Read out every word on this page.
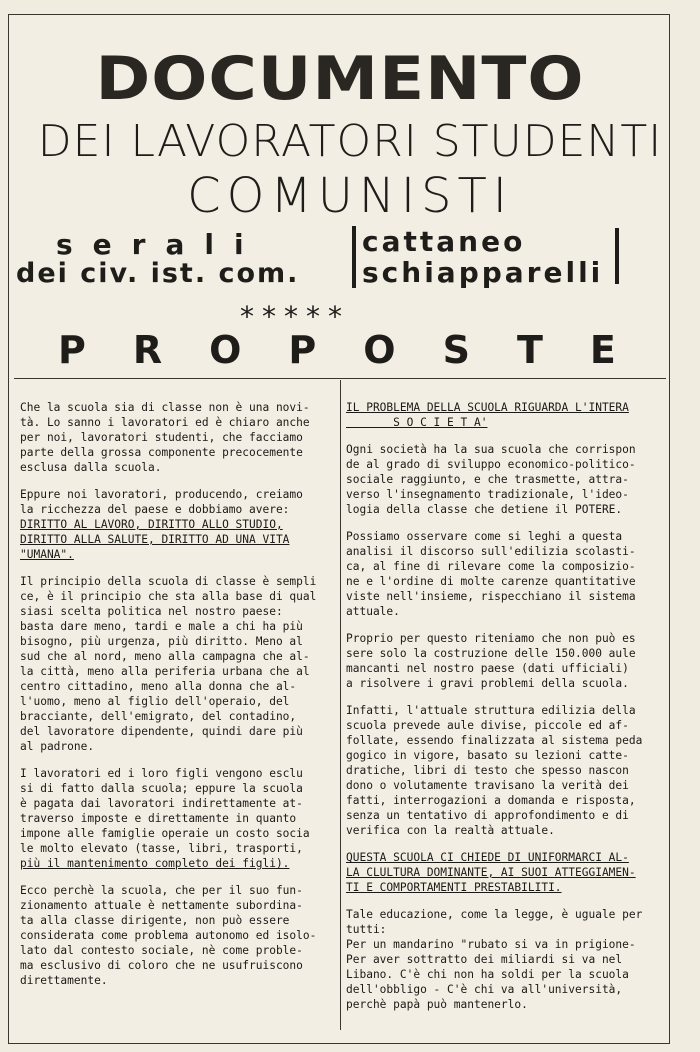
DOCUMENTO
DEI LAVORATORI STUDENTI
COMUNISTI
serali
dei civ. ist. com.
cattaneo
schiapparelli
*****
PROPOSTE

Che la scuola sia di classe non è una novi-
tà. Lo sanno i lavoratori ed è chiaro anche
per noi, lavoratori studenti, che facciamo
parte della grossa componente precocemente
esclusa dalla scuola.

Eppure noi lavoratori, producendo, creiamo
la ricchezza del paese e dobbiamo avere:
DIRITTO AL LAVORO, DIRITTO ALLO STUDIO,
DIRITTO ALLA SALUTE, DIRITTO AD UNA VITA
"UMANA".

Il principio della scuola di classe è sempli
ce, è il principio che sta alla base di qual
siasi scelta politica nel nostro paese:
basta dare meno, tardi e male a chi ha più
bisogno, più urgenza, più diritto. Meno al
sud che al nord, meno alla campagna che al-
la città, meno alla periferia urbana che al
centro cittadino, meno alla donna che al-
l'uomo, meno al figlio dell'operaio, del
bracciante, dell'emigrato, del contadino,
del lavoratore dipendente, quindi dare più
al padrone.

I lavoratori ed i loro figli vengono esclu
si di fatto dalla scuola; eppure la scuola
è pagata dai lavoratori indirettamente at-
traverso imposte e direttamente in quanto
impone alle famiglie operaie un costo socia
le molto elevato (tasse, libri, trasporti,
più il mantenimento completo dei figli).

Ecco perchè la scuola, che per il suo fun-
zionamento attuale è nettamente subordina-
ta alla classe dirigente, non può essere
considerata come problema autonomo ed isolo-
lato dal contesto sociale, nè come proble-
ma esclusivo di coloro che ne usufruiscono
direttamente.

IL PROBLEMA DELLA SCUOLA RIGUARDA L'INTERA
S O C I E T A'

Ogni società ha la sua scuola che corrispon
de al grado di sviluppo economico-politico-
sociale raggiunto, e che trasmette, attra-
verso l'insegnamento tradizionale, l'ideo-
logia della classe che detiene il POTERE.

Possiamo osservare come si leghi a questa
analisi il discorso sull'edilizia scolasti-
ca, al fine di rilevare come la composizio-
ne e l'ordine di molte carenze quantitative
viste nell'insieme, rispecchiano il sistema
attuale.

Proprio per questo riteniamo che non può es
sere solo la costruzione delle 150.000 aule
mancanti nel nostro paese (dati ufficiali)
a risolvere i gravi problemi della scuola.

Infatti, l'attuale struttura edilizia della
scuola prevede aule divise, piccole ed af-
follate, essendo finalizzata al sistema peda
gogico in vigore, basato su lezioni catte-
dratiche, libri di testo che spesso nascon
dono o volutamente travisano la verità dei
fatti, interrogazioni a domanda e risposta,
senza un tentativo di approfondimento e di
verifica con la realtà attuale.

QUESTA SCUOLA CI CHIEDE DI UNIFORMARCI AL-
LA CLULTURA DOMINANTE, AI SUOI ATTEGGIAMEN-
TI E COMPORTAMENTI PRESTABILITI.

Tale educazione, come la legge, è uguale per
tutti:
Per un mandarino "rubato si va in prigione-
Per aver sottratto dei miliardi si va nel
Libano. C'è chi non ha soldi per la scuola
dell'obbligo - C'è chi va all'università,
perchè papà può mantenerlo.
